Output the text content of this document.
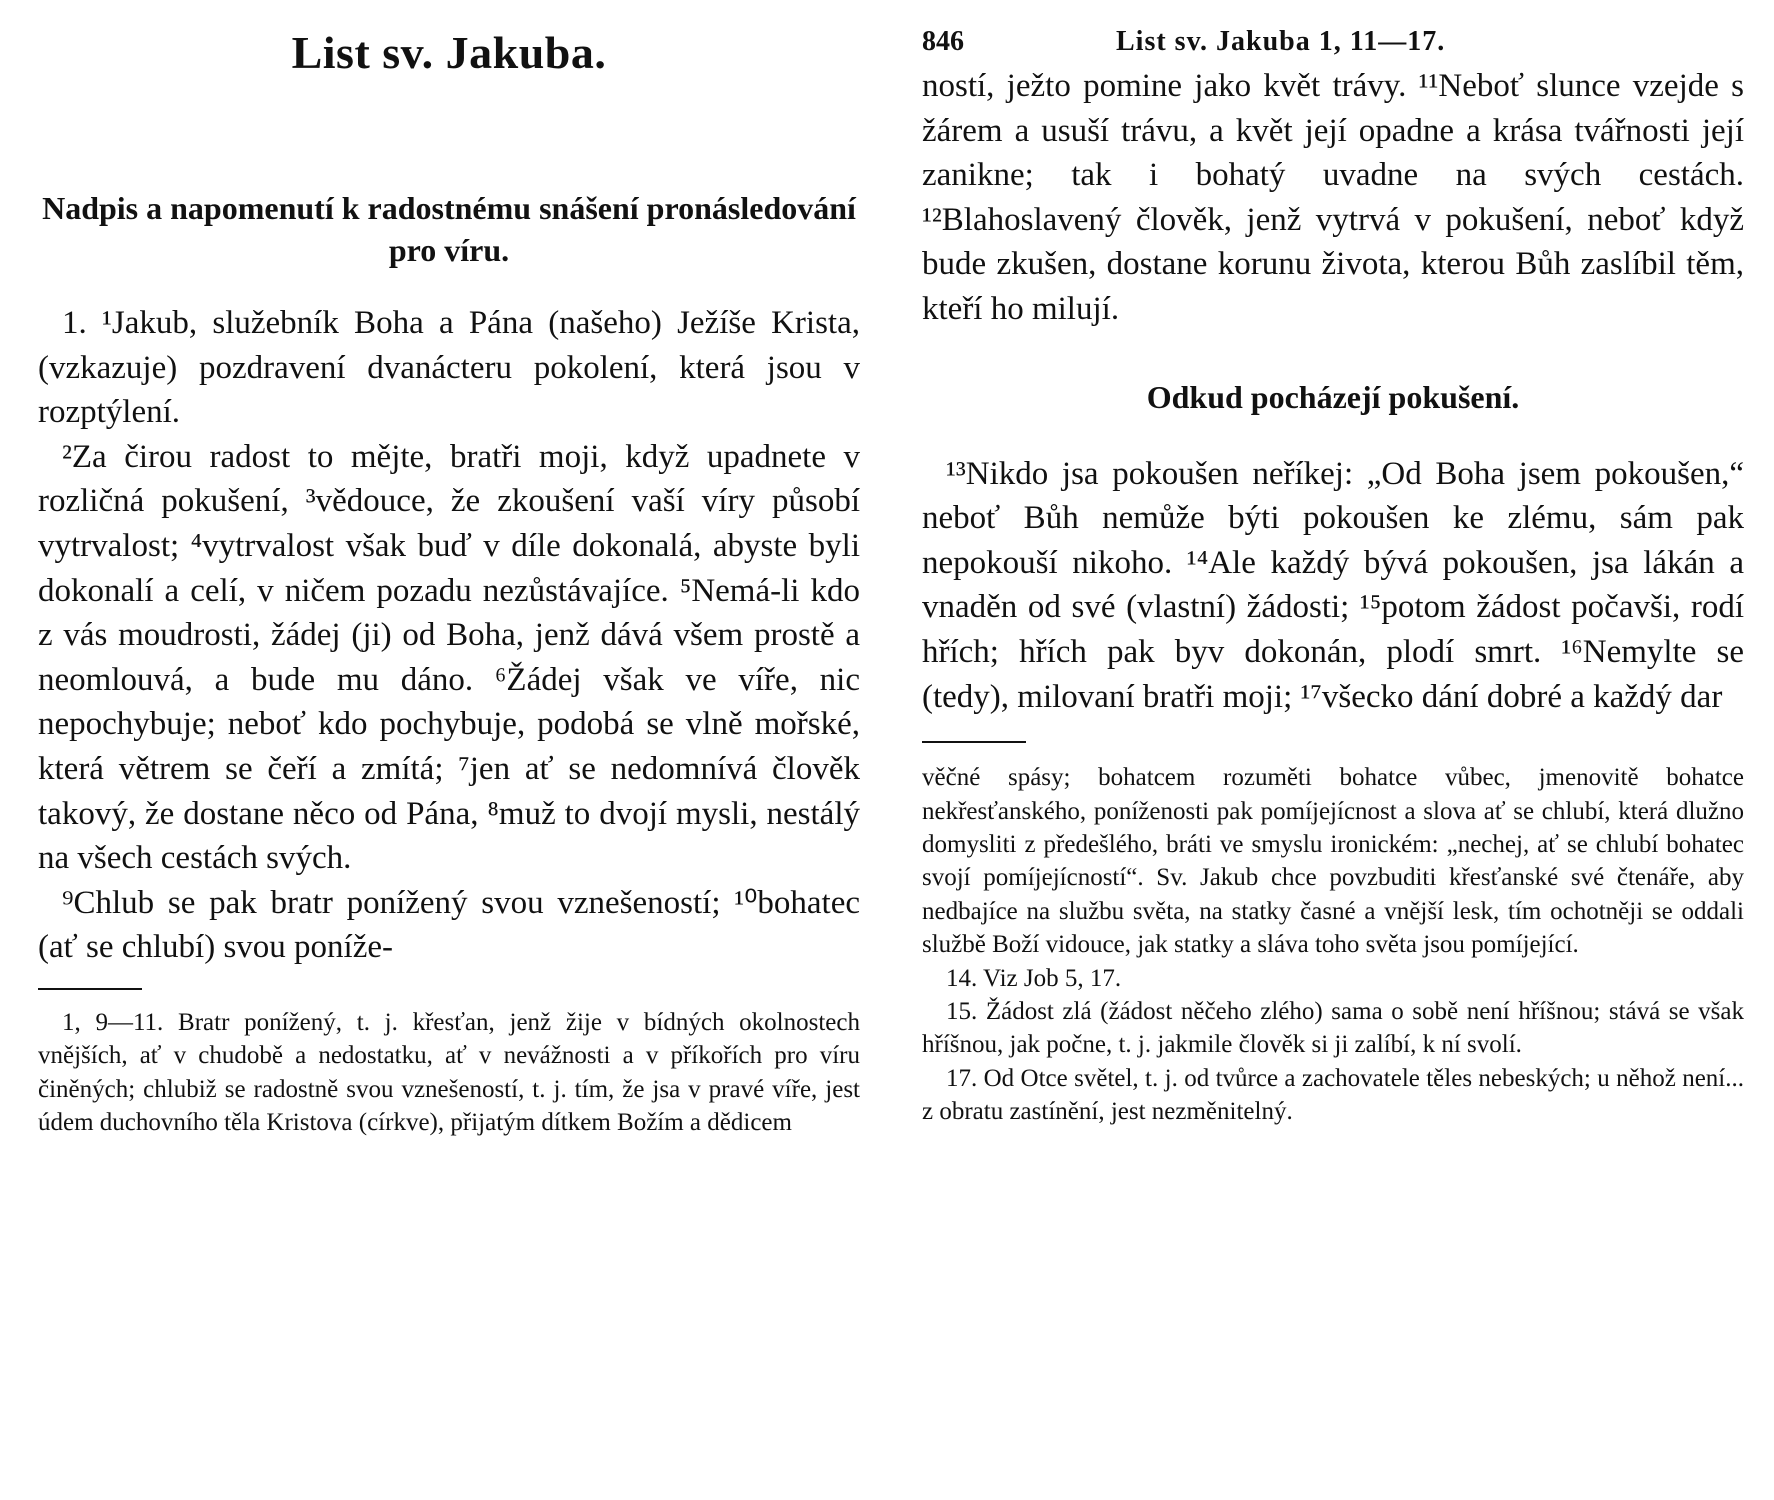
List sv. Jakuba.
Nadpis a napomenutí k radostnému snášení pronásledování pro víru.

1. ¹Jakub, služebník Boha a Pána (našeho) Ježíše Krista, (vzkazuje) pozdravení dvanácteru pokolení, která jsou v rozptýlení.

²Za čirou radost to mějte, bratři moji, když upadnete v rozličná pokušení, ³vědouce, že zkoušení vaší víry působí vytrvalost; ⁴vytrvalost však buď v díle dokonalá, abyste byli dokonalí a celí, v ničem pozadu nezůstávajíce. ⁵Nemá-li kdo z vás moudrosti, žádej (ji) od Boha, jenž dává všem prostě a neomlouvá, a bude mu dáno. ⁶Žádej však ve víře, nic nepochybuje; neboť kdo pochybuje, podobá se vlně mořské, která větrem se čeří a zmítá; ⁷jen ať se nedomnívá člověk takový, že dostane něco od Pána, ⁸muž to dvojí mysli, nestálý na všech cestách svých.

⁹Chlub se pak bratr ponížený svou vznešeností; ¹⁰bohatec (ať se chlubí) svou poníže-

1, 9—11. Bratr ponížený, t. j. křesťan, jenž žije v bídných okolnostech vnějších, ať v chudobě a nedostatku, ať v nevážnosti a v příkořích pro víru činěných; chlubiž se radostně svou vznešeností, t. j. tím, že jsa v pravé víře, jest údem duchovního těla Kristova (církve), přijatým dítkem Božím a dědicem

846	List sv. Jakuba 1, 11—17.

ností, ježto pomine jako květ trávy. ¹¹Neboť slunce vzejde s žárem a usuší trávu, a květ její opadne a krása tvářnosti její zanikne; tak i bohatý uvadne na svých cestách. ¹²Blahoslavený člověk, jenž vytrvá v pokušení, neboť když bude zkušen, dostane korunu života, kterou Bůh zaslíbil těm, kteří ho milují.

Odkud pocházejí pokušení.

¹³Nikdo jsa pokoušen neříkej: „Od Boha jsem pokoušen,“ neboť Bůh nemůže býti pokoušen ke zlému, sám pak nepokouší nikoho. ¹⁴Ale každý bývá pokoušen, jsa lákán a vnaděn od své (vlastní) žádosti; ¹⁵potom žádost počavši, rodí hřích; hřích pak byv dokonán, plodí smrt. ¹⁶Nemylte se (tedy), milovaní bratři moji; ¹⁷všecko dání dobré a každý dar

věčné spásy; bohatcem rozuměti bohatce vůbec, jmenovitě bohatce nekřesťanského, poníženosti pak pomíjejícnost a slova ať se chlubí, která dlužno domysliti z předešlého, bráti ve smyslu ironickém: „nechej, ať se chlubí bohatec svojí pomíjejícností“. Sv. Jakub chce povzbuditi křesťanské své čtenáře, aby nedbajíce na službu světa, na statky časné a vnější lesk, tím ochotněji se oddali službě Boží vidouce, jak statky a sláva toho světa jsou pomíjející.

14. Viz Job 5, 17.

15. Žádost zlá (žádost něčeho zlého) sama o sobě není hříšnou; stává se však hříšnou, jak počne, t. j. jakmile člověk si ji zalíbí, k ní svolí.

17. Od Otce světel, t. j. od tvůrce a zachovatele těles nebeských; u něhož není... z obratu zastínění, jest nezměnitelný.
